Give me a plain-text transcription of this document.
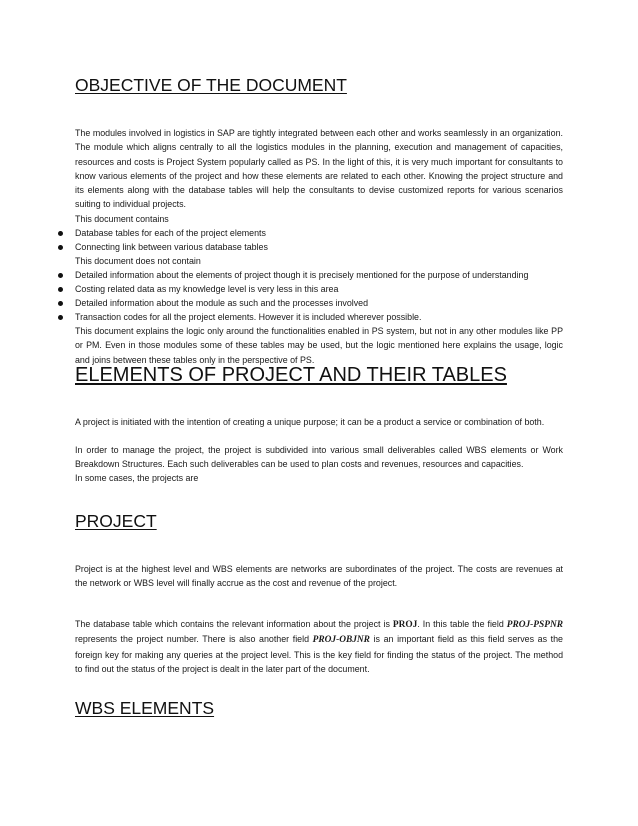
OBJECTIVE OF THE DOCUMENT

The modules involved in logistics in SAP are tightly integrated between each other and works seamlessly in an organization. The module which aligns centrally to all the logistics modules in the planning, execution and management of capacities, resources and costs is Project System popularly called as PS. In the light of this, it is very much important for consultants to know various elements of the project and how these elements are related to each other. Knowing the project structure and its elements along with the database tables will help the consultants to devise customized reports for various scenarios suiting to individual projects.

This document contains

Database tables for each of the project elements

Connecting link between various database tables

This document does not contain

Detailed information about the elements of project though it is precisely mentioned for the purpose of understanding

Costing related data as my knowledge level is very less in this area

Detailed information about the module as such and the processes involved

Transaction codes for all the project elements. However it is included wherever possible.

This document explains the logic only around the functionalities enabled in PS system, but not in any other modules like PP or PM. Even in those modules some of these tables may be used, but the logic mentioned here explains the usage, logic and joins between these tables only in the perspective of PS.

ELEMENTS OF PROJECT AND THEIR TABLES

A project is initiated with the intention of creating a unique purpose; it can be a product a service or combination of both.

In order to manage the project, the project is subdivided into various small deliverables called WBS elements or Work Breakdown Structures. Each such deliverables can be used to plan costs and revenues, resources and capacities.

In some cases, the projects are

PROJECT

Project is at the highest level and WBS elements are networks are subordinates of the project. The costs are revenues at the network or WBS level will finally accrue as the cost and revenue of the project.

The database table which contains the relevant information about the project is PROJ. In this table the field PROJ-PSPNR represents the project number. There is also another field PROJ-OBJNR is an important field as this field serves as the foreign key for making any queries at the project level. This is the key field for finding the status of the project. The method to find out the status of the project is dealt in the later part of the document.

WBS ELEMENTS
